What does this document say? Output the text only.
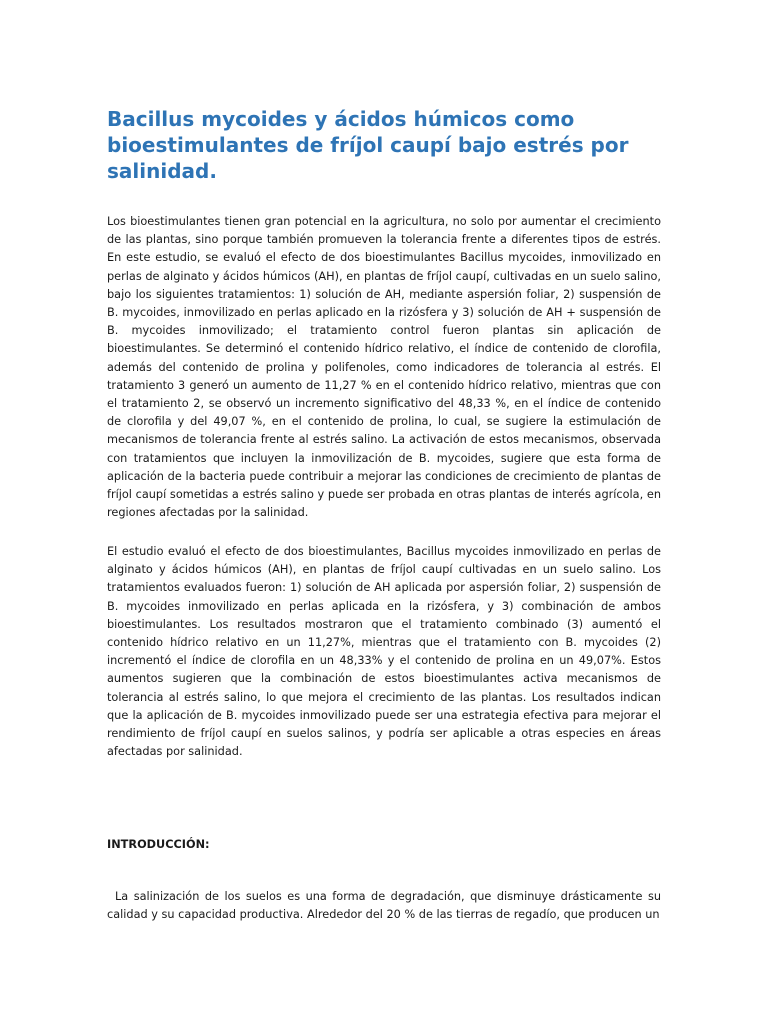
Bacillus mycoides y ácidos húmicos como bioestimulantes de fríjol caupí bajo estrés por salinidad.

Los bioestimulantes tienen gran potencial en la agricultura, no solo por aumentar el crecimiento de las plantas, sino porque también promueven la tolerancia frente a diferentes tipos de estrés. En este estudio, se evaluó el efecto de dos bioestimulantes Bacillus mycoides, inmovilizado en perlas de alginato y ácidos húmicos (AH), en plantas de fríjol caupí, cultivadas en un suelo salino, bajo los siguientes tratamientos: 1) solución de AH, mediante aspersión foliar, 2) suspensión de B. mycoides, inmovilizado en perlas aplicado en la rizósfera y 3) solución de AH + suspensión de B. mycoides inmovilizado; el tratamiento control fueron plantas sin aplicación de bioestimulantes. Se determinó el contenido hídrico relativo, el índice de contenido de clorofila, además del contenido de prolina y polifenoles, como indicadores de tolerancia al estrés. El tratamiento 3 generó un aumento de 11,27 % en el contenido hídrico relativo, mientras que con el tratamiento 2, se observó un incremento significativo del 48,33 %, en el índice de contenido de clorofila y del 49,07 %, en el contenido de prolina, lo cual, se sugiere la estimulación de mecanismos de tolerancia frente al estrés salino. La activación de estos mecanismos, observada con tratamientos que incluyen la inmovilización de B. mycoides, sugiere que esta forma de aplicación de la bacteria puede contribuir a mejorar las condiciones de crecimiento de plantas de fríjol caupí sometidas a estrés salino y puede ser probada en otras plantas de interés agrícola, en regiones afectadas por la salinidad.

El estudio evaluó el efecto de dos bioestimulantes, Bacillus mycoides inmovilizado en perlas de alginato y ácidos húmicos (AH), en plantas de fríjol caupí cultivadas en un suelo salino. Los tratamientos evaluados fueron: 1) solución de AH aplicada por aspersión foliar, 2) suspensión de B. mycoides inmovilizado en perlas aplicada en la rizósfera, y 3) combinación de ambos bioestimulantes. Los resultados mostraron que el tratamiento combinado (3) aumentó el contenido hídrico relativo en un 11,27%, mientras que el tratamiento con B. mycoides (2) incrementó el índice de clorofila en un 48,33% y el contenido de prolina en un 49,07%. Estos aumentos sugieren que la combinación de estos bioestimulantes activa mecanismos de tolerancia al estrés salino, lo que mejora el crecimiento de las plantas. Los resultados indican que la aplicación de B. mycoides inmovilizado puede ser una estrategia efectiva para mejorar el rendimiento de fríjol caupí en suelos salinos, y podría ser aplicable a otras especies en áreas afectadas por salinidad.

INTRODUCCIÓN:

La salinización de los suelos es una forma de degradación, que disminuye drásticamente su calidad y su capacidad productiva. Alrededor del 20 % de las tierras de regadío, que producen un
